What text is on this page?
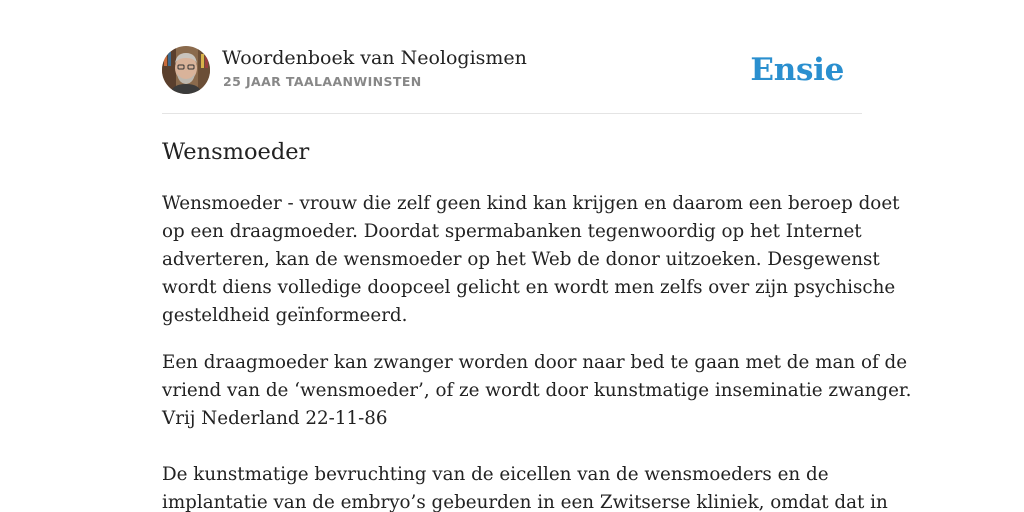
Woordenboek van Neologismen
25 JAAR TAALAANWINSTEN	Ensie
Wensmoeder

Wensmoeder - vrouw die zelf geen kind kan krijgen en daarom een beroep doet

op een draagmoeder. Doordat spermabanken tegenwoordig op het Internet

adverteren, kan de wensmoeder op het Web de donor uitzoeken. Desgewenst

wordt diens volledige doopceel gelicht en wordt men zelfs over zijn psychische

gesteldheid geïnformeerd.

Een draagmoeder kan zwanger worden door naar bed te gaan met de man of de

vriend van de ‘wensmoeder’, of ze wordt door kunstmatige inseminatie zwanger.

Vrij Nederland 22-11-86

De kunstmatige bevruchting van de eicellen van de wensmoeders en de

implantatie van de embryo’s gebeurden in een Zwitserse kliniek, omdat dat in
